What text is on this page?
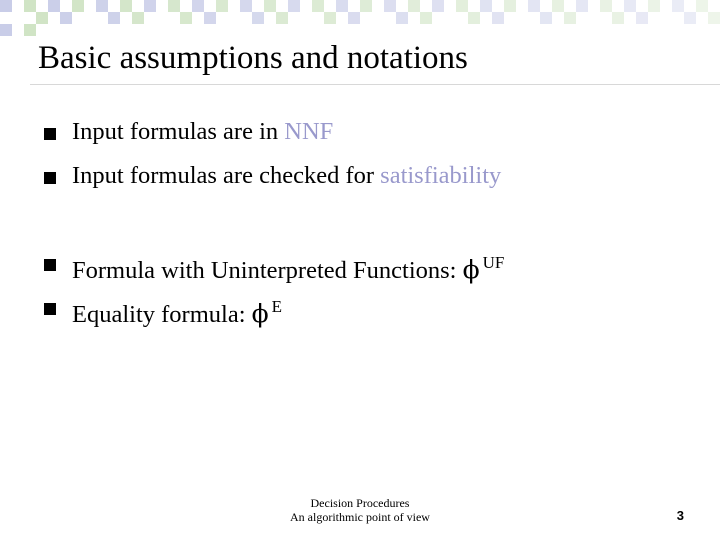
Basic assumptions and notations
Input formulas are in NNF
Input formulas are checked for satisfiability
Formula with Uninterpreted Functions: ϕ $^{UF}$
Equality formula: ϕ $^E$
Decision Procedures
An algorithmic point of view	3
